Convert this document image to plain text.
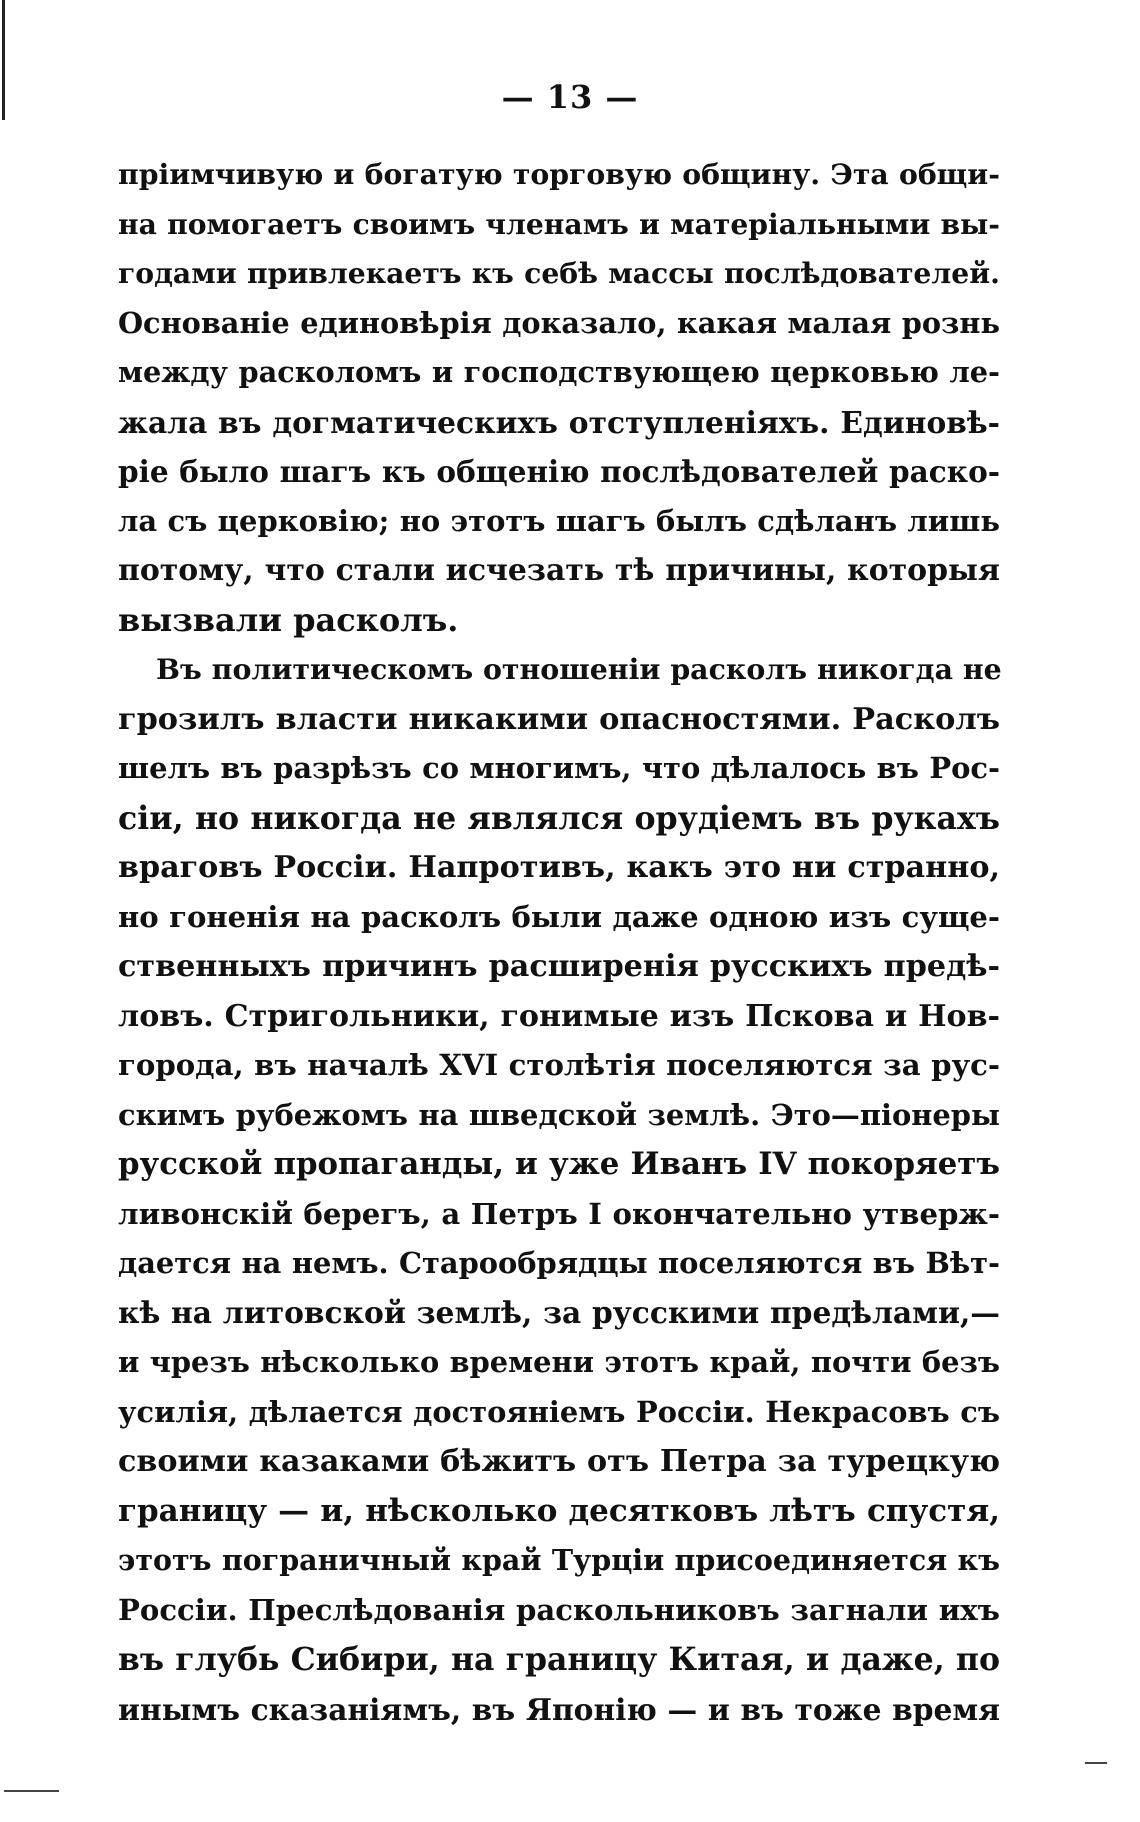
— 13 —
пріимчивую и богатую торговую общину. Эта общи-
на помогаетъ своимъ членамъ и матеріальными вы-
годами привлекаетъ къ себѣ массы послѣдователей.
Основаніе единовѣрія доказало, какая малая рознь
между расколомъ и господствующею церковью ле-
жала въ догматическихъ отступленіяхъ. Единовѣ-
ріе было шагъ къ общенію послѣдователей раско-
ла съ церковію; но этотъ шагъ былъ сдѣланъ лишь
потому, что стали исчезать тѣ причины, которыя
вызвали расколъ.
Въ политическомъ отношеніи расколъ никогда не
грозилъ власти никакими опасностями. Расколъ
шелъ въ разрѣзъ со многимъ, что дѣлалось въ Рос-
сіи, но никогда не являлся орудіемъ въ рукахъ
враговъ Россіи. Напротивъ, какъ это ни странно,
но гоненія на расколъ были даже одною изъ суще-
ственныхъ причинъ расширенія русскихъ предѣ-
ловъ. Стригольники, гонимые изъ Пскова и Нов-
города, въ началѣ XVI столѣтія поселяются за рус-
скимъ рубежомъ на шведской землѣ. Это—піонеры
русской пропаганды, и уже Иванъ IV покоряетъ
ливонскій берегъ, а Петръ I окончательно утверж-
дается на немъ. Старообрядцы поселяются въ Вѣт-
кѣ на литовской землѣ, за русскими предѣлами,—
и чрезъ нѣсколько времени этотъ край, почти безъ
усилія, дѣлается достояніемъ Россіи. Некрасовъ съ
своими казаками бѣжитъ отъ Петра за турецкую
границу — и, нѣсколько десятковъ лѣтъ спустя,
этотъ пограничный край Турціи присоединяется къ
Россіи. Преслѣдованія раскольниковъ загнали ихъ
въ глубь Сибири, на границу Китая, и даже, по
инымъ сказаніямъ, въ Японію — и въ тоже время
